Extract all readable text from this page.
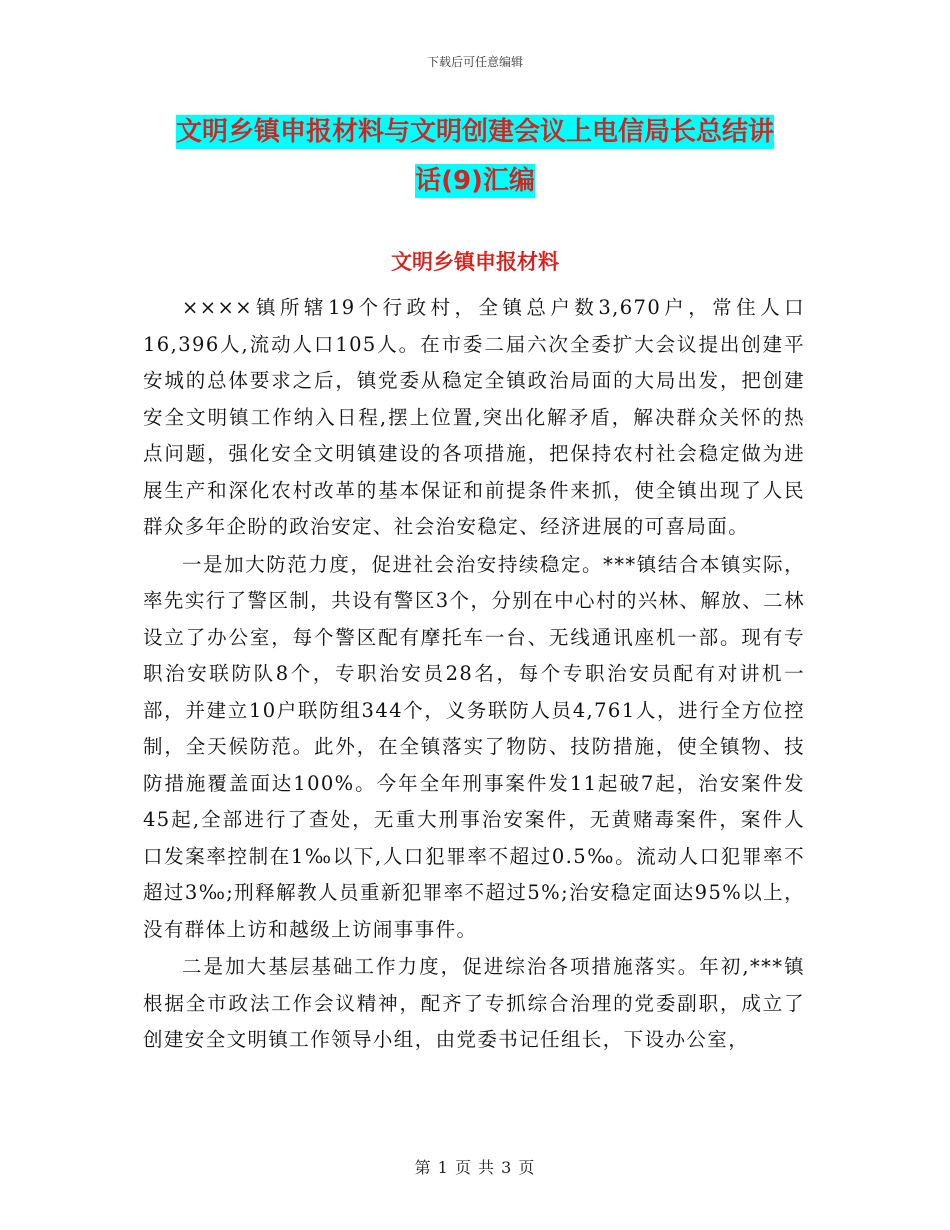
下载后可任意编辑
文明乡镇申报材料与文明创建会议上电信局长总结讲
话(9)汇编
文明乡镇申报材料

××××镇所辖19个行政村，全镇总户数3,670户，常住人口16,396人,流动人口105人。在市委二届六次全委扩大会议提出创建平安城的总体要求之后，镇党委从稳定全镇政治局面的大局出发，把创建安全文明镇工作纳入日程,摆上位置,突出化解矛盾，解决群众关怀的热点问题，强化安全文明镇建设的各项措施，把保持农村社会稳定做为进展生产和深化农村改革的基本保证和前提条件来抓，使全镇出现了人民群众多年企盼的政治安定、社会治安稳定、经济进展的可喜局面。

一是加大防范力度，促进社会治安持续稳定。***镇结合本镇实际，率先实行了警区制，共设有警区3个，分别在中心村的兴林、解放、二林设立了办公室，每个警区配有摩托车一台、无线通讯座机一部。现有专职治安联防队8个，专职治安员28名，每个专职治安员配有对讲机一部，并建立10户联防组344个，义务联防人员4,761人，进行全方位控制，全天候防范。此外，在全镇落实了物防、技防措施，使全镇物、技防措施覆盖面达100%。今年全年刑事案件发11起破7起，治安案件发45起,全部进行了查处，无重大刑事治安案件，无黄赌毒案件，案件人口发案率控制在1‰以下,人口犯罪率不超过0.5‰。流动人口犯罪率不超过3‰;刑释解教人员重新犯罪率不超过5%;治安稳定面达95%以上，没有群体上访和越级上访闹事事件。

二是加大基层基础工作力度，促进综治各项措施落实。年初,***镇根据全市政法工作会议精神，配齐了专抓综合治理的党委副职，成立了创建安全文明镇工作领导小组，由党委书记任组长，下设办公室，

第 1 页 共 3 页
